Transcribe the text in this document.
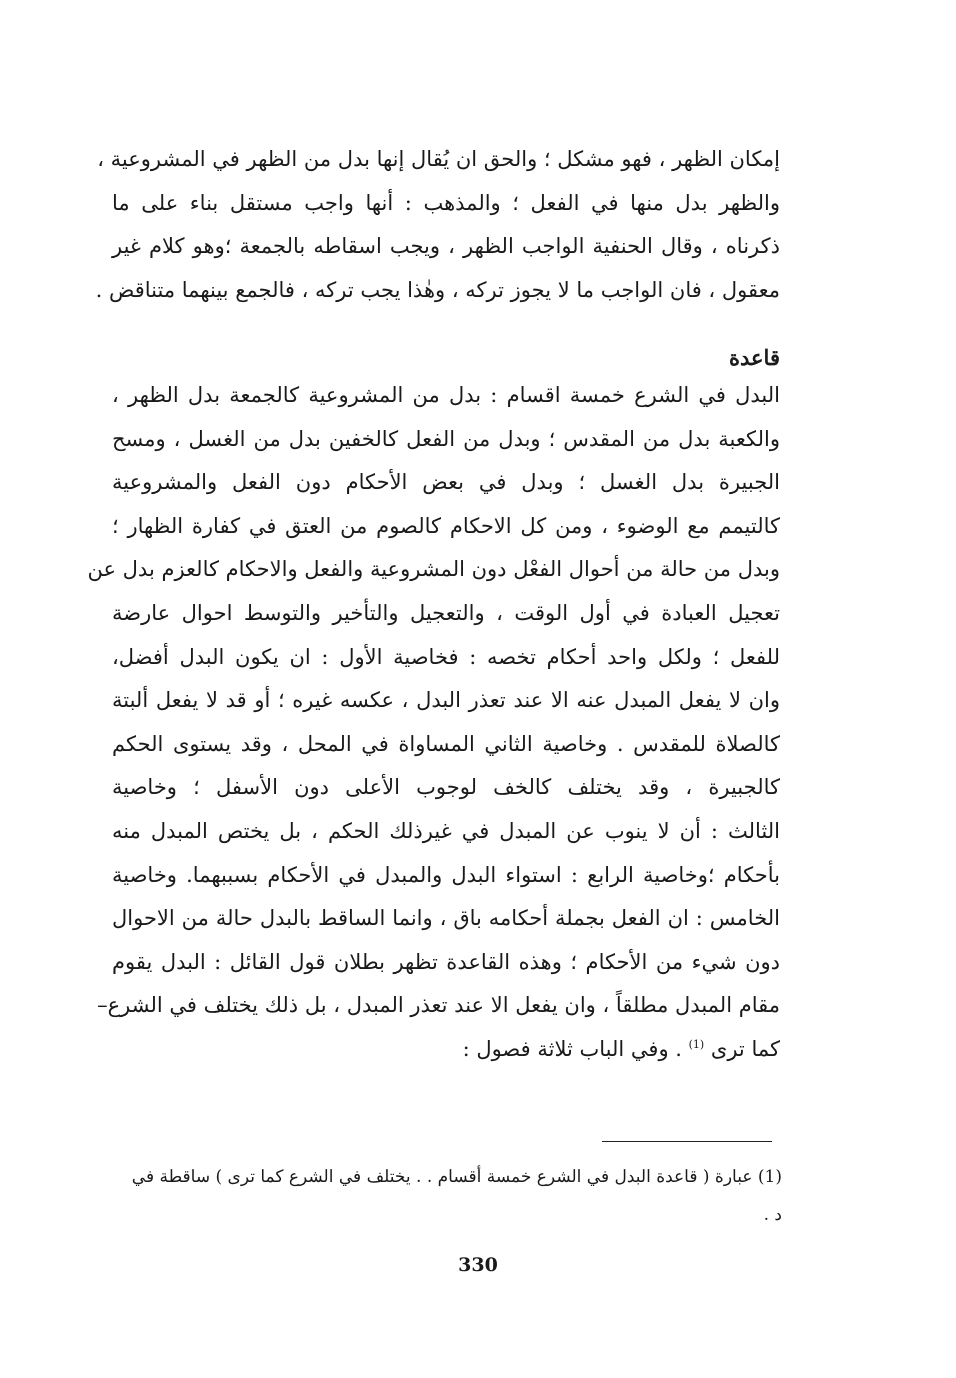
إمكان الظهر ، فهو مشكل ؛ والحق ان يُقال إنها بدل من الظهر في المشروعية ،
والظهر بدل منها في الفعل ؛ والمذهب : أنها واجب مستقل بناء على ما
ذكرناه ، وقال الحنفية الواجب الظهر ، ويجب اسقاطه بالجمعة ؛وهو كلام غير
معقول ، فان الواجب ما لا يجوز تركه ، وهٰذا يجب تركه ، فالجمع بينهما متناقض .
قاعدة
البدل في الشرع خمسة اقسام : بدل من المشروعية كالجمعة بدل الظهر ،
والكعبة بدل من المقدس ؛ وبدل من الفعل كالخفين بدل من الغسل ، ومسح
الجبيرة بدل الغسل ؛ وبدل في بعض الأحكام دون الفعل والمشروعية
كالتيمم مع الوضوء ، ومن كل الاحكام كالصوم من العتق في كفارة الظهار ؛
وبدل من حالة من أحوال الفعْل دون المشروعية والفعل والاحكام كالعزم بدل عن
تعجيل العبادة في أول الوقت ، والتعجيل والتأخير والتوسط احوال عارضة
للفعل ؛ ولكل واحد أحكام تخصه : فخاصية الأول : ان يكون البدل أفضل،
وان لا يفعل المبدل عنه الا عند تعذر البدل ، عكسه غيره ؛ أو قد لا يفعل ألبتة
كالصلاة للمقدس . وخاصية الثاني المساواة في المحل ، وقد يستوى الحكم
كالجبيرة ، وقد يختلف كالخف لوجوب الأعلى دون الأسفل ؛ وخاصية
الثالث : أن لا ينوب عن المبدل في غيرذلك الحكم ، بل يختص المبدل منه
بأحكام ؛وخاصية الرابع : استواء البدل والمبدل في الأحكام بسببهما. وخاصية
الخامس : ان الفعل بجملة أحكامه باق ، وانما الساقط بالبدل حالة من الاحوال
دون شيء من الأحكام ؛ وهذه القاعدة تظهر بطلان قول القائل : البدل يقوم
مقام المبدل مطلقاً ، وان يفعل الا عند تعذر المبدل ، بل ذلك يختلف في الشرع–
كما ترى $^{(1)}$ . وفي الباب ثلاثة فصول :
(1) عبارة ( قاعدة البدل في الشرع خمسة أقسام . . يختلف في الشرع كما ترى ) ساقطة في
د .
330
